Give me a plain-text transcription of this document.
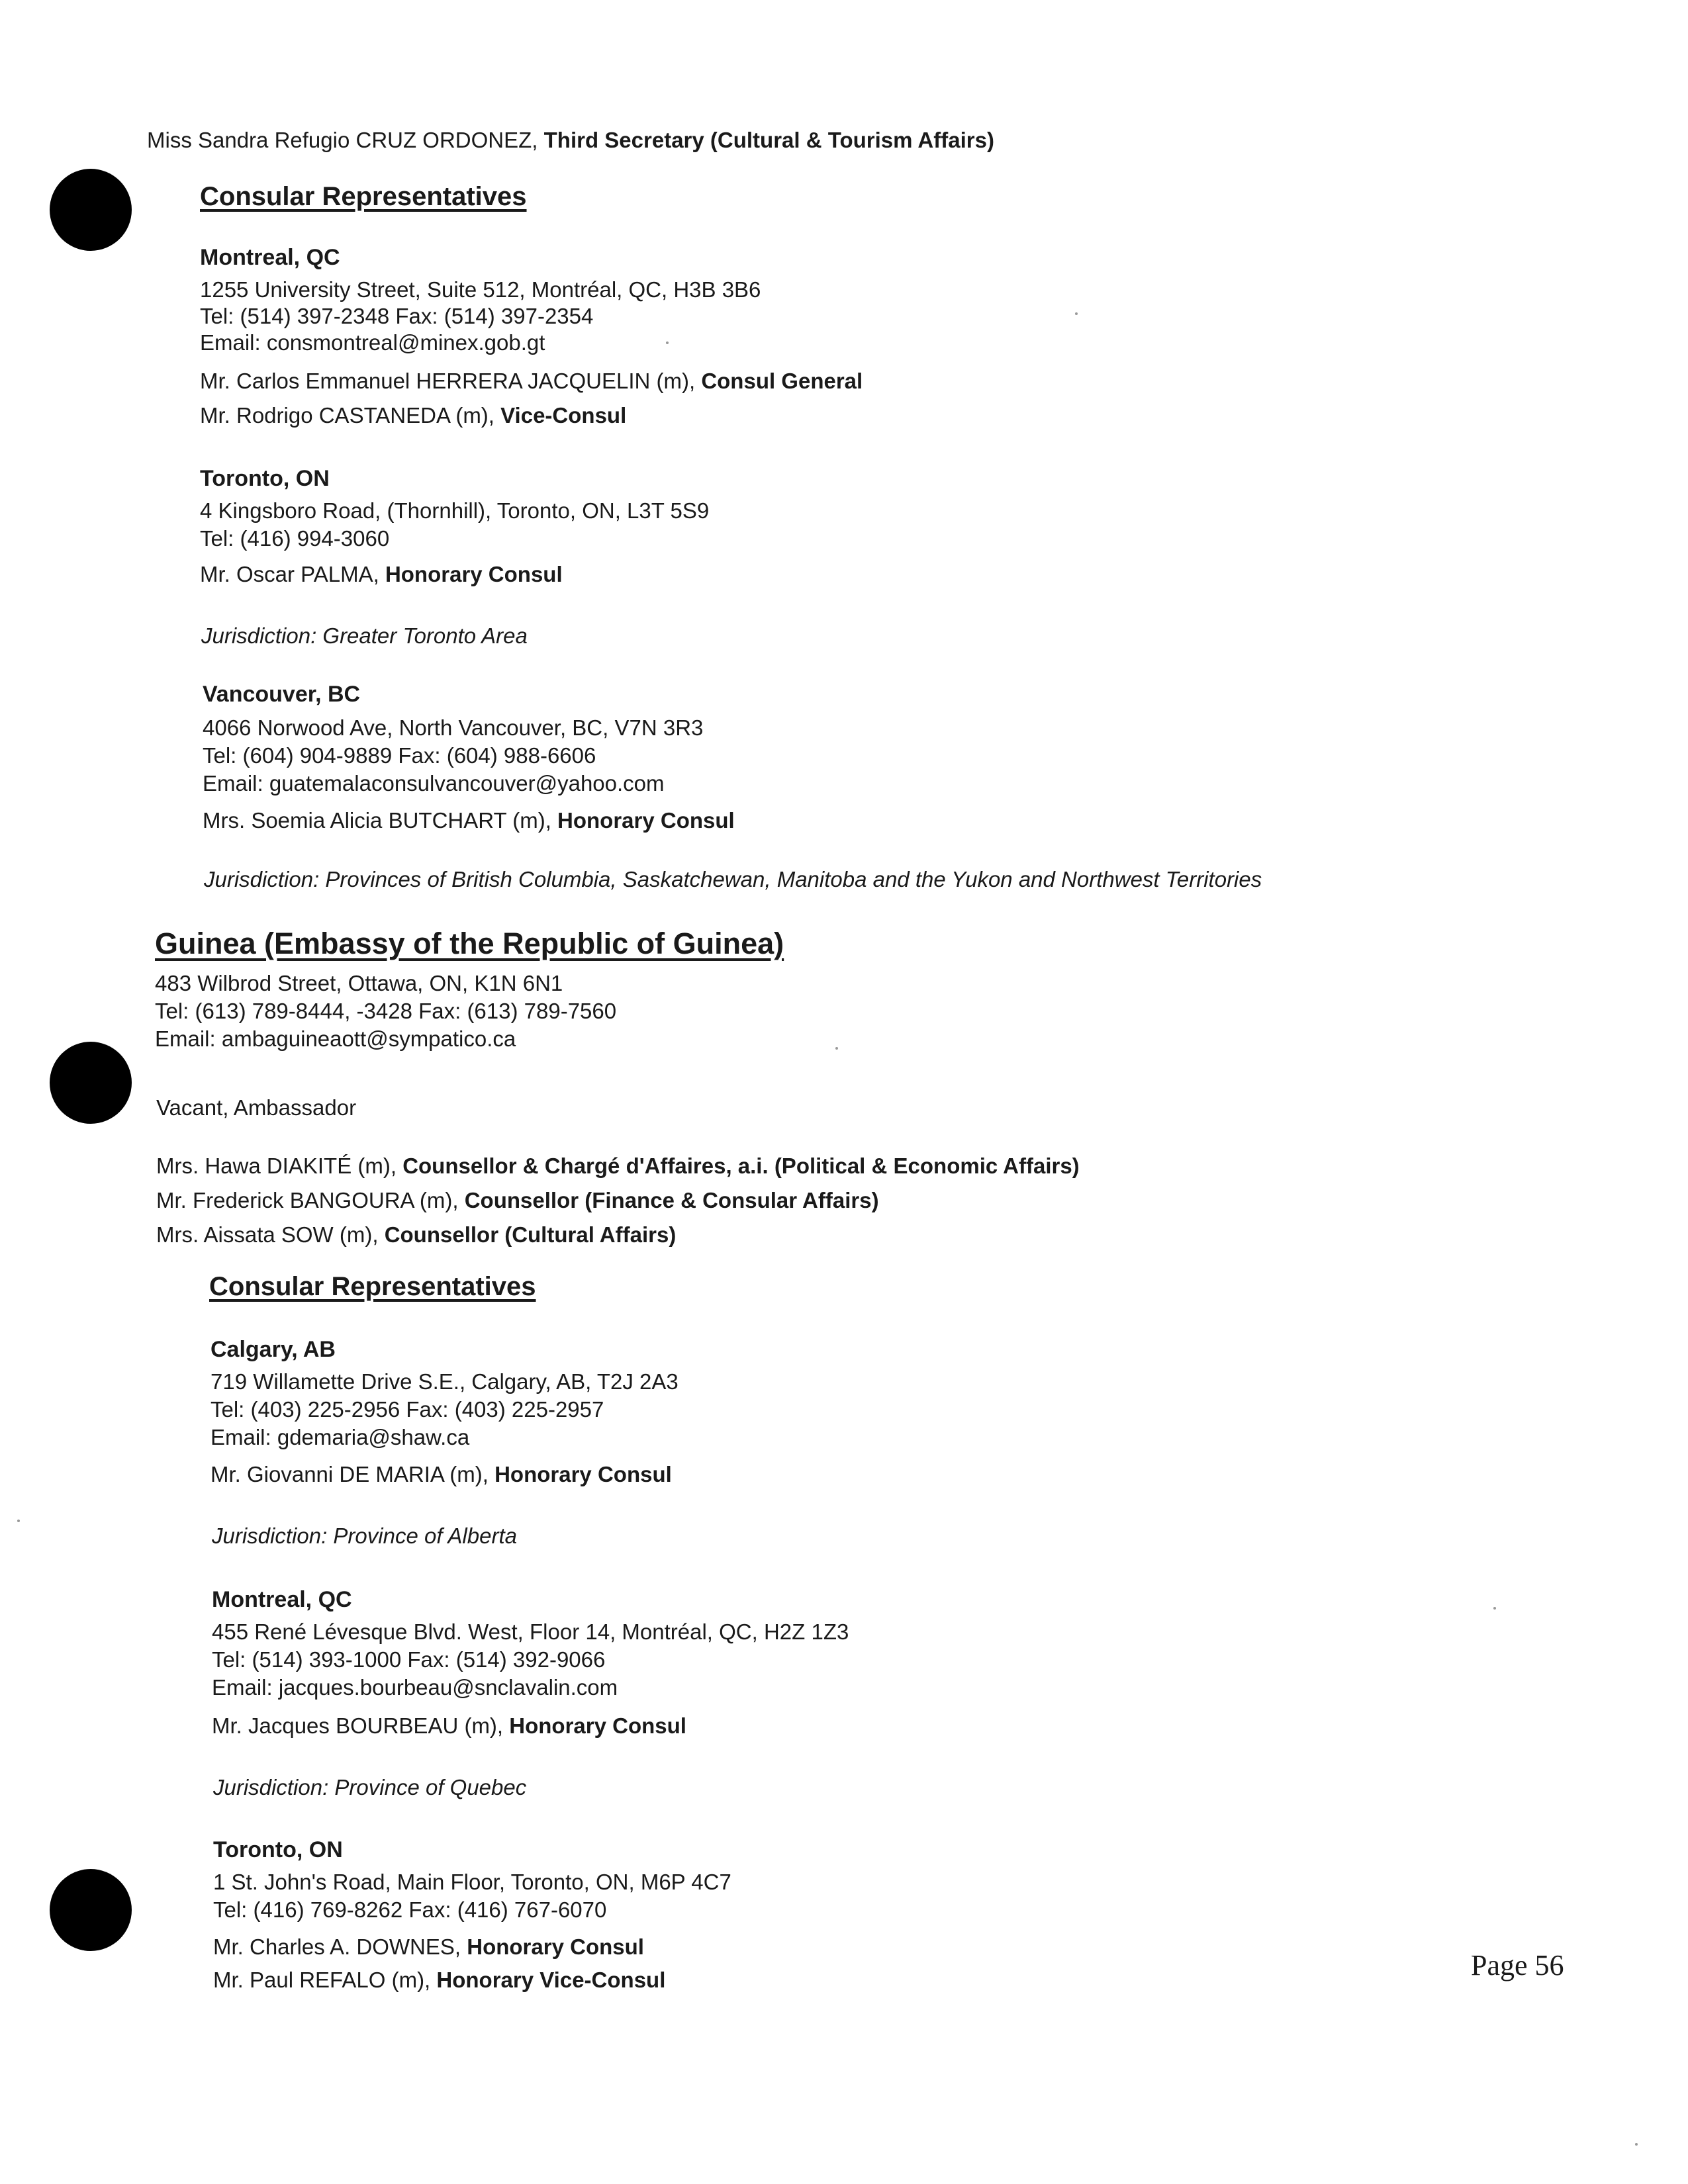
Miss Sandra Refugio CRUZ ORDONEZ, Third Secretary (Cultural & Tourism Affairs)
Consular Representatives
Montreal, QC
1255 University Street, Suite 512, Montréal, QC, H3B 3B6
Tel: (514) 397-2348 Fax: (514) 397-2354
Email: consmontreal@minex.gob.gt
Mr. Carlos Emmanuel HERRERA JACQUELIN (m), Consul General
Mr. Rodrigo CASTANEDA (m), Vice-Consul
Toronto, ON
4 Kingsboro Road, (Thornhill), Toronto, ON, L3T 5S9
Tel: (416) 994-3060
Mr. Oscar PALMA, Honorary Consul
Jurisdiction: Greater Toronto Area
Vancouver, BC
4066 Norwood Ave, North Vancouver, BC, V7N 3R3
Tel: (604) 904-9889 Fax: (604) 988-6606
Email: guatemalaconsulvancouver@yahoo.com
Mrs. Soemia Alicia BUTCHART (m), Honorary Consul
Jurisdiction: Provinces of British Columbia, Saskatchewan, Manitoba and the Yukon and Northwest Territories
Guinea (Embassy of the Republic of Guinea)
483 Wilbrod Street, Ottawa, ON, K1N 6N1
Tel: (613) 789-8444, -3428 Fax: (613) 789-7560
Email: ambaguineaott@sympatico.ca
Vacant, Ambassador
Mrs. Hawa DIAKITÉ (m), Counsellor & Chargé d'Affaires, a.i. (Political & Economic Affairs)
Mr. Frederick BANGOURA (m), Counsellor (Finance & Consular Affairs)
Mrs. Aissata SOW (m), Counsellor (Cultural Affairs)
Consular Representatives
Calgary, AB
719 Willamette Drive S.E., Calgary, AB, T2J 2A3
Tel: (403) 225-2956 Fax: (403) 225-2957
Email: gdemaria@shaw.ca
Mr. Giovanni DE MARIA (m), Honorary Consul
Jurisdiction: Province of Alberta
Montreal, QC
455 René Lévesque Blvd. West, Floor 14, Montréal, QC, H2Z 1Z3
Tel: (514) 393-1000 Fax: (514) 392-9066
Email: jacques.bourbeau@snclavalin.com
Mr. Jacques BOURBEAU (m), Honorary Consul
Jurisdiction: Province of Quebec
Toronto, ON
1 St. John's Road, Main Floor, Toronto, ON, M6P 4C7
Tel: (416) 769-8262 Fax: (416) 767-6070
Mr. Charles A. DOWNES, Honorary Consul
Mr. Paul REFALO (m), Honorary Vice-Consul	Page 56
